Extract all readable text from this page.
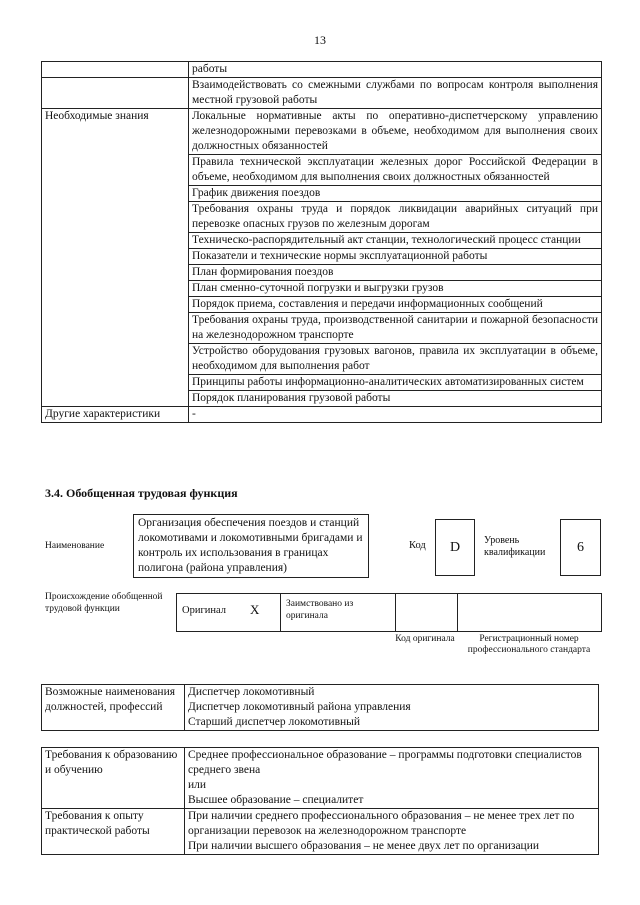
13
	работы
	Взаимодействовать со смежными службами по вопросам контроля выполнения местной грузовой работы
Необходимые знания	Локальные нормативные акты по оперативно-диспетчерскому управлению железнодорожными перевозками в объеме, необходимом для выполнения своих должностных обязанностей
	Правила технической эксплуатации железных дорог Российской Федерации в объеме, необходимом для выполнения своих должностных обязанностей
	График движения поездов
	Требования охраны труда и порядок ликвидации аварийных ситуаций при перевозке опасных грузов по железным дорогам
	Техническо-распорядительный акт станции, технологический процесс станции
	Показатели и технические нормы эксплуатационной работы
	План формирования поездов
	План сменно-суточной погрузки и выгрузки грузов
	Порядок приема, составления и передачи информационных сообщений
	Требования охраны труда, производственной санитарии и пожарной безопасности на железнодорожном транспорте
	Устройство оборудования грузовых вагонов, правила их эксплуатации в объеме, необходимом для выполнения работ
	Принципы работы информационно-аналитических автоматизированных систем
	Порядок планирования грузовой работы
Другие характеристики	-
3.4. Обобщенная трудовая функция
Наименование
Организация обеспечения поездов и станций локомотивами и локомотивными бригадами и контроль их использования в границах полигона (района управления)
Код	D	Уровень квалификации	6
Происхождение обобщенной трудовой функции	Оригинал X	Заимствовано из оригинала
Код оригинала	Регистрационный номер профессионального стандарта
Возможные наименования должностей, профессий	Диспетчер локомотивный
Диспетчер локомотивный района управления
Старший диспетчер локомотивный
Требования к образованию и обучению	Среднее профессиональное образование – программы подготовки специалистов среднего звена
	или
	Высшее образование – специалитет
Требования к опыту практической работы	При наличии среднего профессионального образования – не менее трех лет по организации перевозок на железнодорожном транспорте
	При наличии высшего образования – не менее двух лет по организации
